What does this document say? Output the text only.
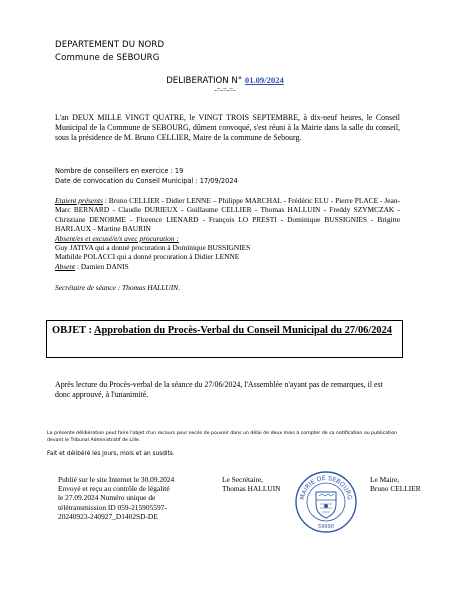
DEPARTEMENT DU NORD
Commune de SEBOURG
DELIBERATION N° 01.09/2024
-=-=-=-
L'an DEUX MILLE VINGT QUATRE, le VINGT TROIS SEPTEMBRE, à dix-neuf heures, le Conseil Municipal de la Commune de SEBOURG, dûment convoqué, s'est réuni à la Mairie dans la salle du conseil, sous la présidence de M. Bruno CELLIER, Maire de la commune de Sebourg.
Nombre de conseillers en exercice : 19
Date de convocation du Conseil Municipal : 17/09/2024
Etaient présents : Bruno CELLIER - Didier LENNE – Philippe MARCHAL - Frédéric ELU - Pierre PLACE - Jean-Marc BERNARD - Claudie DURIEUX - Guillaume CELLIER - Thomas HALLUIN - Freddy SZYMCZAK - Christiane DENORME - Florence LIENARD - François LO PRESTI - Dominique BUSSIGNIES - Brigitte HARLAUX - Martine BAURIN
Absent/es et excusé/e/s avec procuration :
Guy JATIVA qui a donné procuration à Dominique BUSSIGNIES
Mathilde POLACCI qui a donné procuration à Didier LENNE
Absent : Damien DANIS
Secrétaire de séance : Thomas HALLUIN.
OBJET : Approbation du Procès-Verbal du Conseil Municipal du 27/06/2024
Après lecture du Procès-verbal de la séance du 27/06/2024, l'Assemblée n'ayant pas de remarques, il est donc approuvé, à l'unanimité.
La présente délibération peut faire l'objet d'un recours pour excès de pouvoir dans un délai de deux mois à compter de sa notification ou publication devant le Tribunal Administratif de Lille.
Fait et délibéré les jours, mois et an susdits.
Publié sur le site Internet le 30.09.2024
Envoyé et reçu au contrôle de légalité
le 27.09.2024 Numéro unique de
télétransmission ID 059-215905597-
20240923-240927_D1402SD-DE
Le Secrétaire,
Thomas HALLUIN
MAIRIE DE SEBOURG
59990
Le Maire,
Bruno CELLIER
